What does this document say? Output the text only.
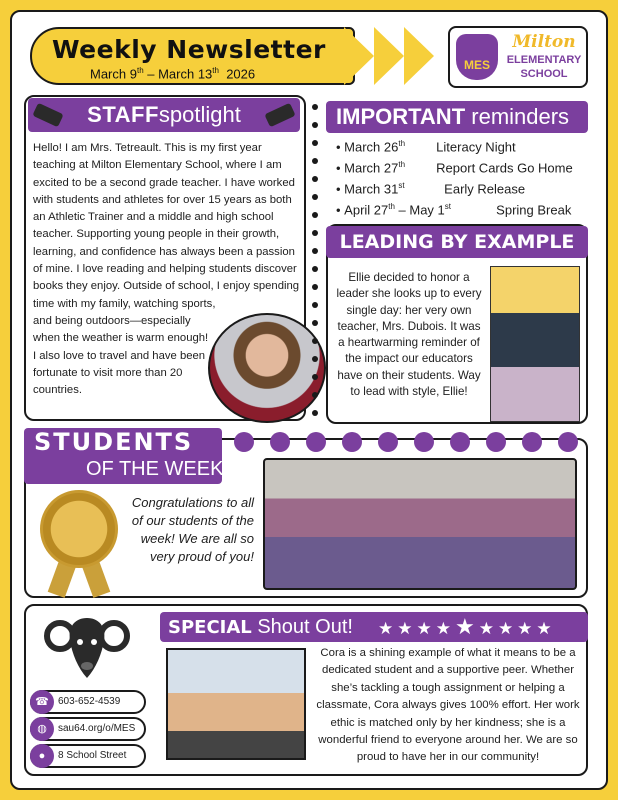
Weekly Newsletter
March 9th – March 13th  2026
MES
Milton
ELEMENTARY
SCHOOL
STAFFspotlight
Hello! I am Mrs. Tetreault. This is my first year teaching at Milton Elementary School, where I am excited to be a second grade teacher. I have worked with students and athletes for over 15 years as both an Athletic Trainer and a middle and high school teacher. Supporting young people in their growth, learning, and confidence has always been a passion of mine. I love reading and helping students discover books they enjoy. Outside of school, I enjoy spending time with my family, watching sports,
and being outdoors—especially when the weather is warm enough! I also love to travel and have been fortunate to visit more than 20 countries.
IMPORTANT reminders
• March 26th Literacy Night
• March 27th Report Cards Go Home
• March 31st	Early Release
• April 27th – May 1st	Spring Break
LEADING BY EXAMPLE
Ellie decided to honor a leader she looks up to every single day: her very own teacher, Mrs. Dubois. It was a heartwarming reminder of the impact our educators have on their students. Way to lead with style, Ellie!
STUDENTS
OF THE WEEK
Congratulations to all of our students of the week! We are all so very proud of you!
☎ 603-652-4539
◍	sau64.org/o/MES
●	8 School Street
SPECIAL Shout Out!	★★★★★★★★★
Cora is a shining example of what it means to be a dedicated student and a supportive peer. Whether she’s tackling a tough assignment or helping a classmate, Cora always gives 100% effort. Her work ethic is matched only by her kindness; she is a wonderful friend to everyone around her. We are so proud to have her in our community!
